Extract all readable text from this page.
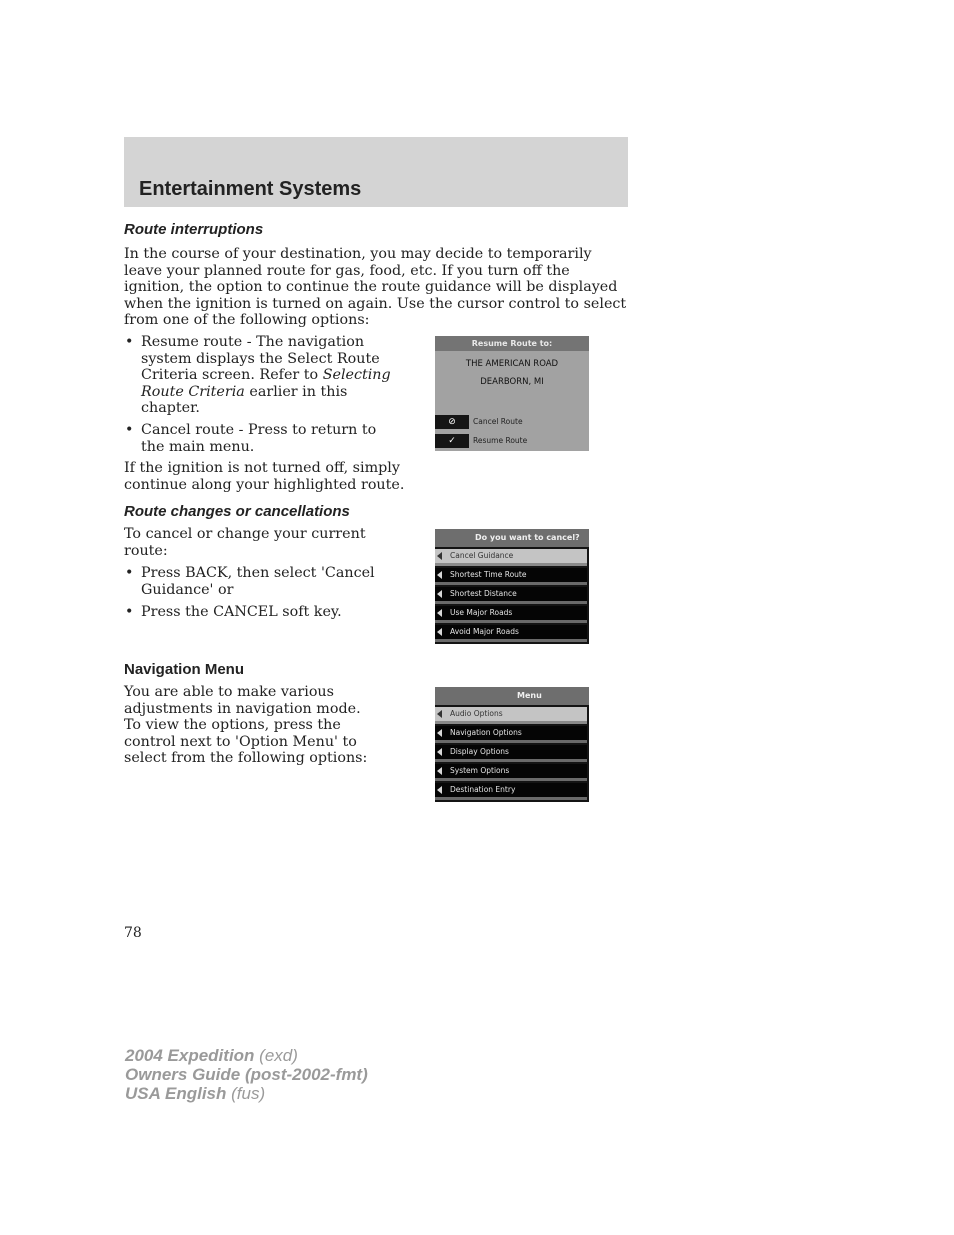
Entertainment Systems
Route interruptions

In the course of your destination, you may decide to temporarily leave your planned route for gas, food, etc. If you turn off the ignition, the option to continue the route guidance will be displayed when the ignition is turned on again. Use the cursor control to select from one of the following options:

• Resume route - The navigation system displays the Select Route Criteria screen. Refer to Selecting Route Criteria earlier in this chapter.

• Cancel route - Press to return to the main menu.

If the ignition is not turned off, simply continue along your highlighted route.

Resume Route to:
THE AMERICAN ROAD
DEARBORN, MI
⊘	Cancel Route
✓	Resume Route
Route changes or cancellations

To cancel or change your current route:

• Press BACK, then select 'Cancel Guidance' or

• Press the CANCEL soft key.

Do you want to cancel?
Cancel Guidance
Shortest Time Route
Shortest Distance
Use Major Roads
Avoid Major Roads
Navigation Menu

You are able to make various adjustments in navigation mode. To view the options, press the control next to 'Option Menu' to select from the following options:

Menu
Audio Options
Navigation Options
Display Options
System Options
Destination Entry
78
2004 Expedition (exd)
Owners Guide (post-2002-fmt)
USA English (fus)
